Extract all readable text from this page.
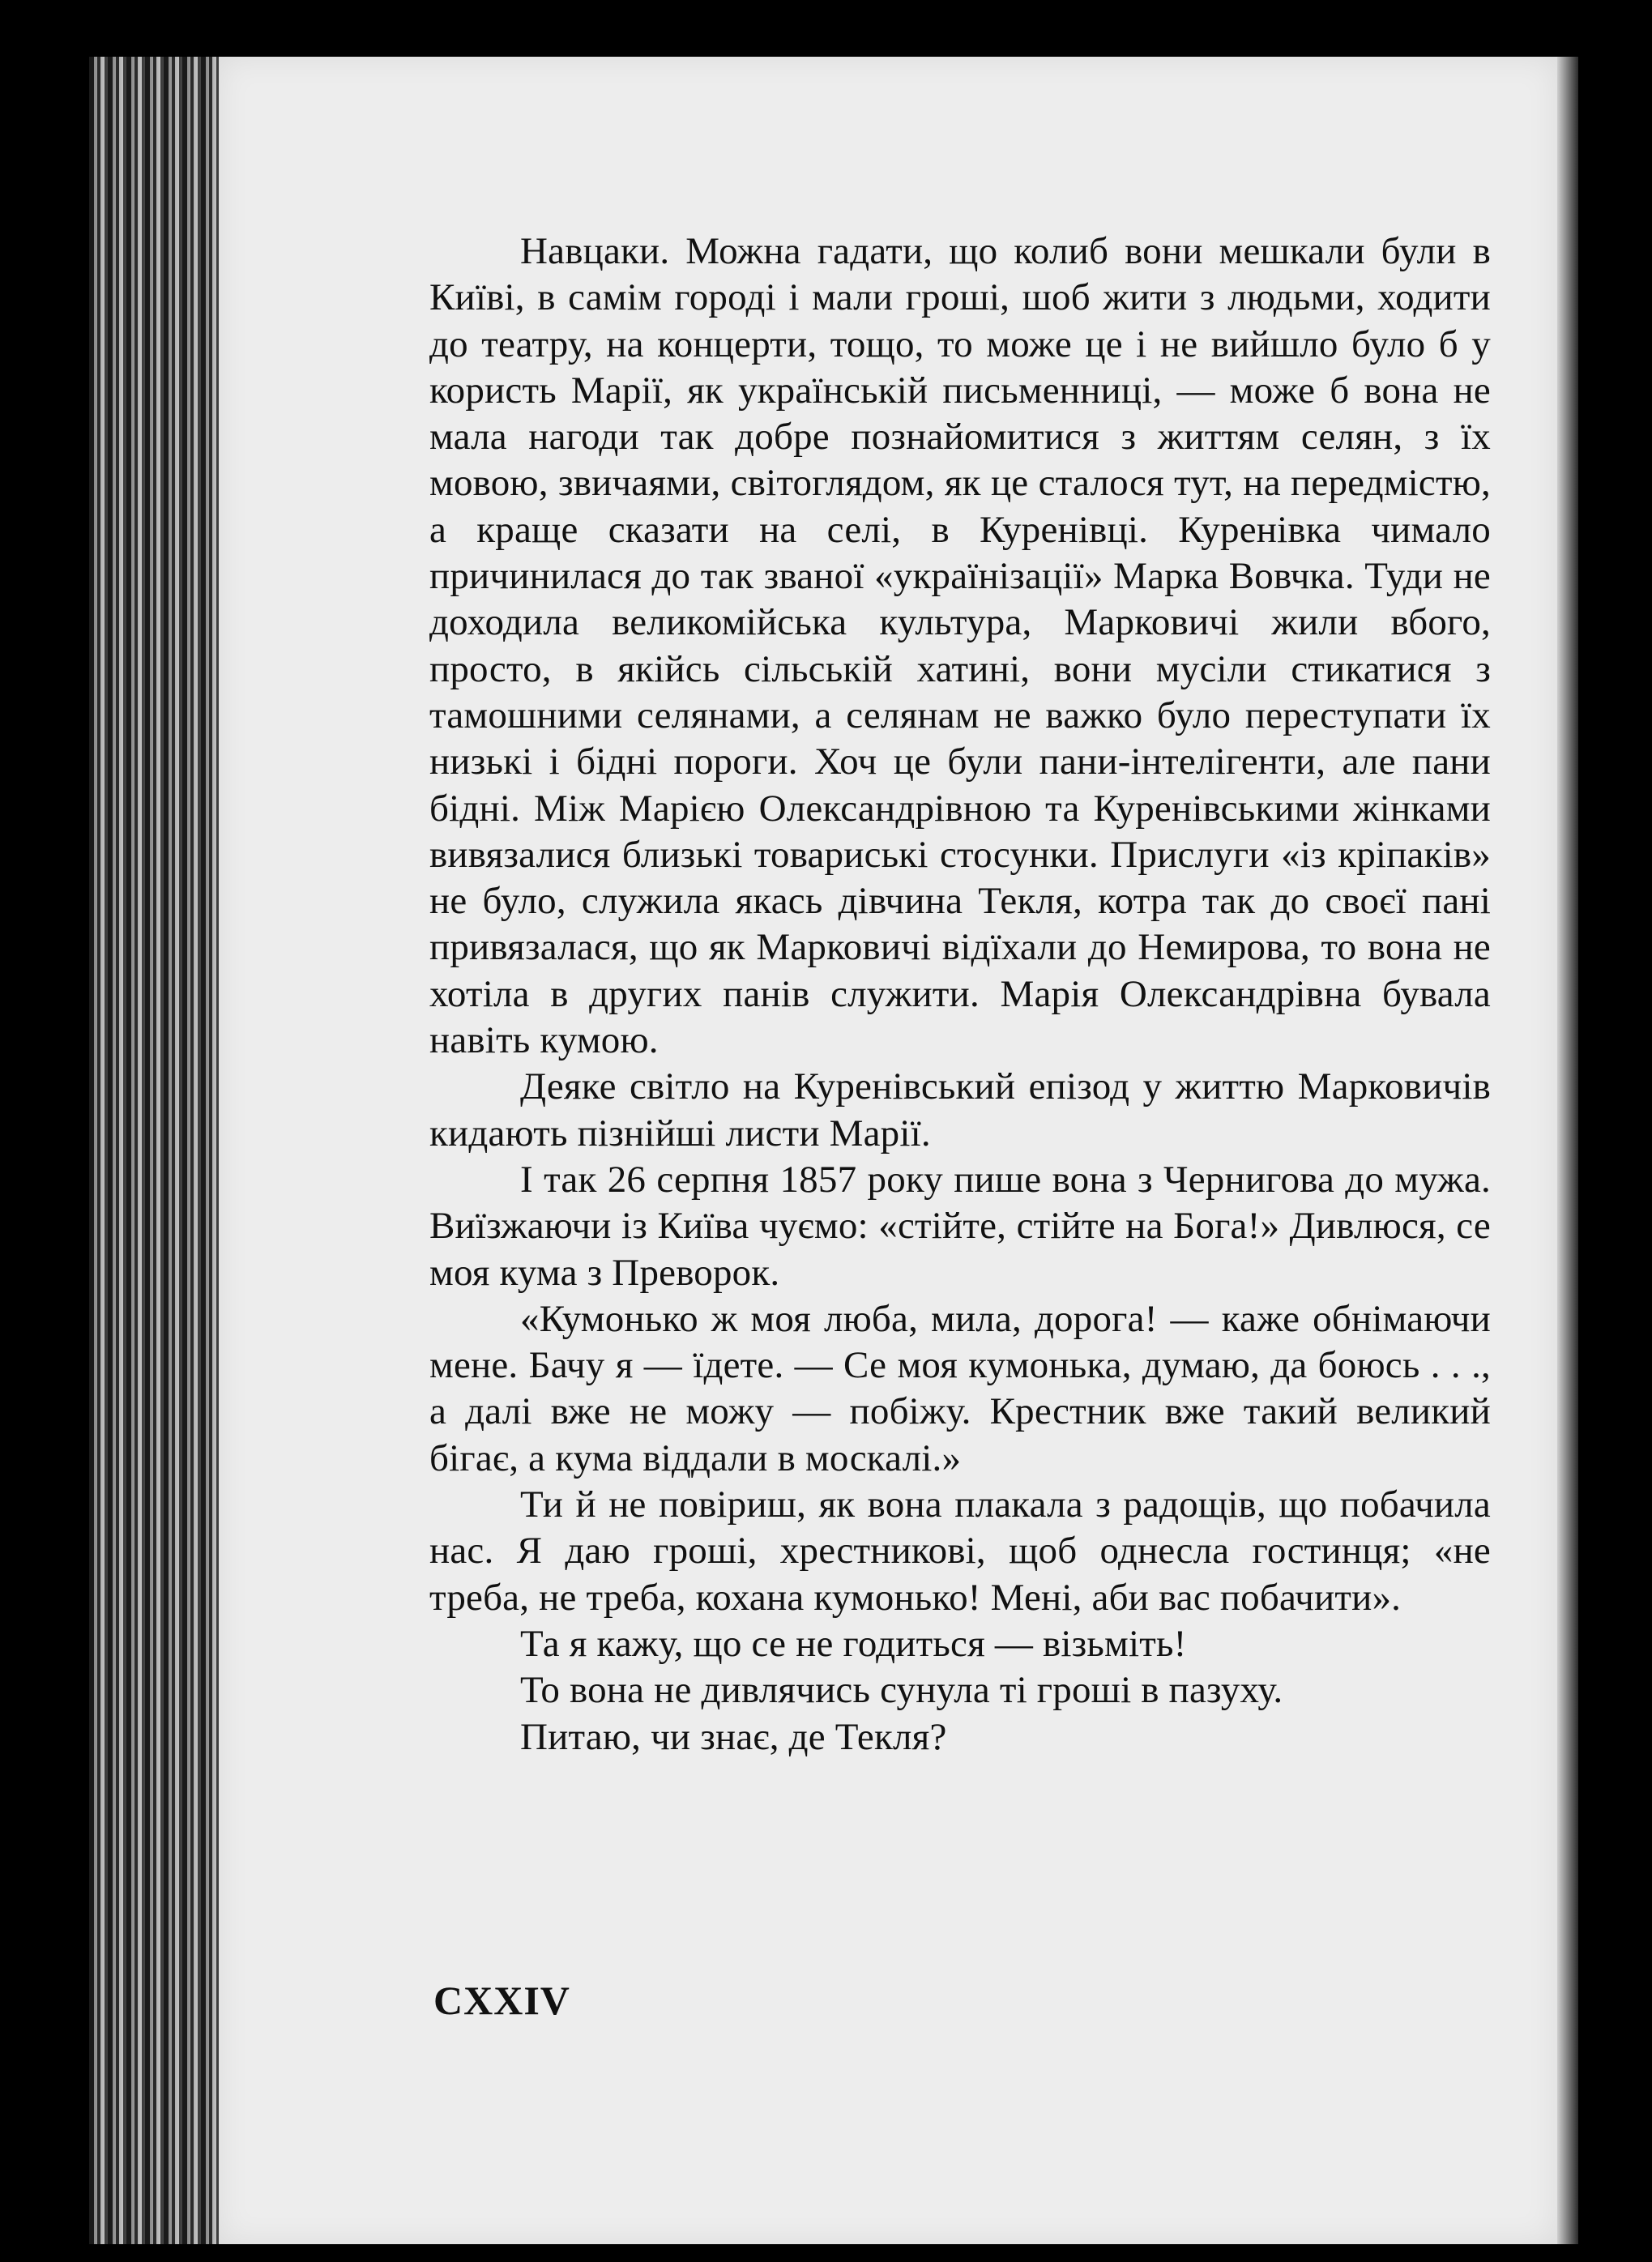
Навцаки. Можна гадати, що колиб вони мешкали були в Київі, в самім городі і мали гроші, шоб жити з людьми, ходити до театру, на концерти, тощо, то може це і не вийшло було б у користь Марії, як українській письменниці, — може б вона не мала нагоди так добре познайомитися з життям селян, з їх мовою, звичаями, світоглядом, як це сталося тут, на передмістю, а краще сказати на селі, в Куренівці. Куренівка чимало причинилася до так званої «українізації» Марка Вовчка. Туди не доходила великомійська культура, Марковичі жили вбого, просто, в якійсь сільській хатині, вони мусіли стикатися з тамошними селянами, а селянам не важко було переступати їх низькі і бідні пороги. Хоч це були пани-інтелігенти, але пани бідні. Між Марією Олександрівною та Куренівськими жінками вивязалися близькі товариські стосунки. Прислуги «із кріпаків» не було, служила якась дівчина Текля, котра так до своєї пані привязалася, що як Марковичі відїхали до Немирова, то вона не хотіла в других панів служити. Марія Олександрівна бувала навіть кумою.

Деяке світло на Куренівський епізод у життю Марковичів кидають пізнійші листи Марії.

І так 26 серпня 1857 року пише вона з Чернигова до мужа. Виїзжаючи із Київа чуємо: «стійте, стійте на Бога!» Дивлюся, се моя кума з Преворок.

«Кумонько ж моя люба, мила, дорога! — каже обнімаючи мене. Бачу я — їдете. — Се моя кумонька, думаю, да боюсь . . ., а далі вже не можу — побіжу. Крестник вже такий великий бігає, а кума віддали в москалі.»

Ти й не повіриш, як вона плакала з радощів, що побачила нас. Я даю гроші, хрестникові, щоб однесла гостинця; «не треба, не треба, кохана кумонько! Мені, аби вас побачити».

Та я кажу, що се не годиться — візьміть!

То вона не дивлячись сунула ті гроші в пазуху.

Питаю, чи знає, де Текля?

CXXIV
